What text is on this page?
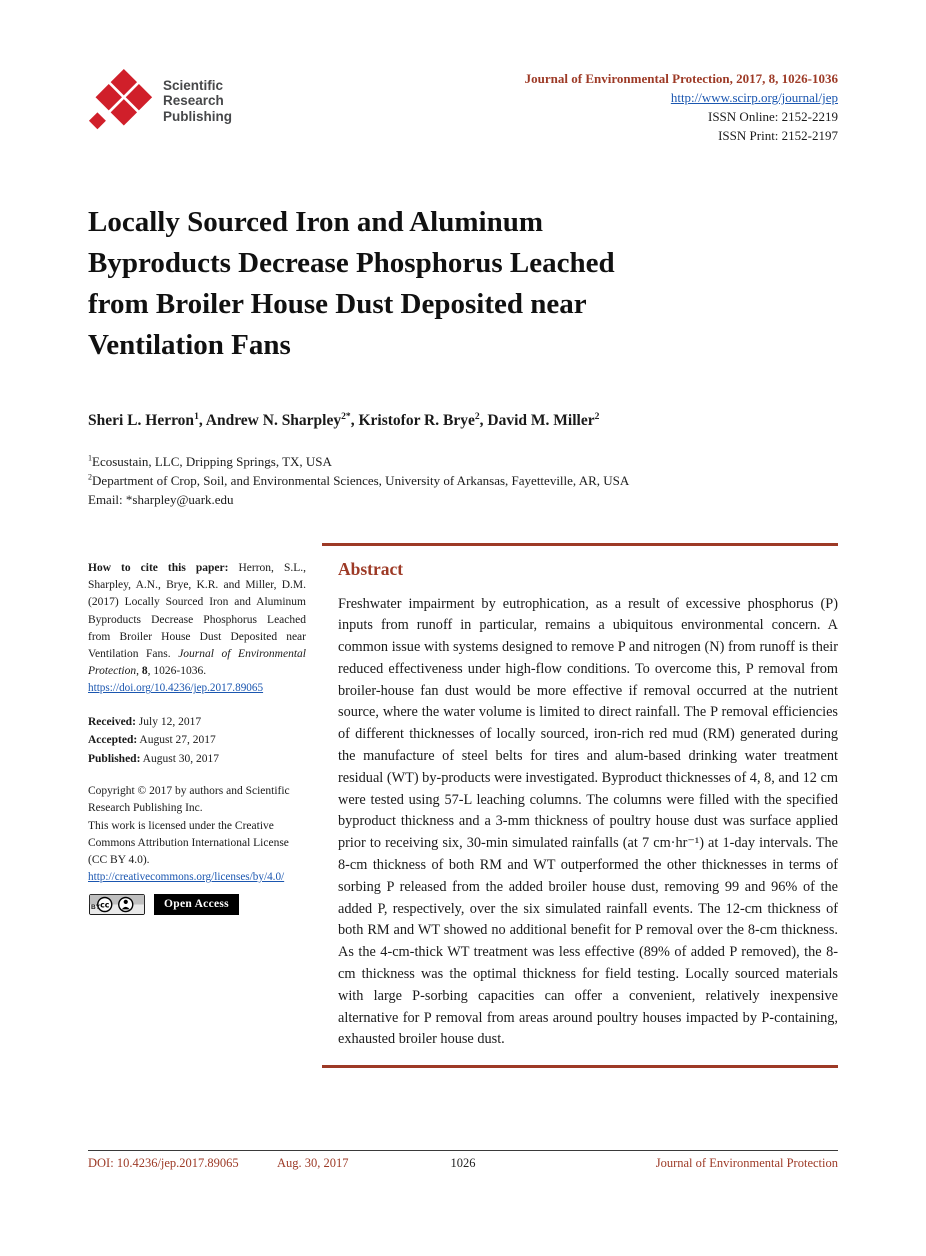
Scientific
Research
Publishing
Journal of Environmental Protection, 2017, 8, 1026-1036
http://www.scirp.org/journal/jep
ISSN Online: 2152-2219
ISSN Print: 2152-2197
Locally Sourced Iron and Aluminum
Byproducts Decrease Phosphorus Leached
from Broiler House Dust Deposited near
Ventilation Fans
Sheri L. Herron$^1$, Andrew N. Sharpley$^{2*}$, Kristofor R. Brye$^2$, David M. Miller$^2$
$^1$Ecosustain, LLC, Dripping Springs, TX, USA
$^2$Department of Crop, Soil, and Environmental Sciences, University of Arkansas, Fayetteville, AR, USA
Email: *sharpley@uark.edu

How to cite this paper: Herron, S.L., Sharpley, A.N., Brye, K.R. and Miller, D.M. (2017) Locally Sourced Iron and Aluminum Byproducts Decrease Phosphorus Leached from Broiler House Dust Deposited near Ventilation Fans. Journal of Environmental Protection, 8, 1026-1036.

https://doi.org/10.4236/jep.2017.89065
Received: July 12, 2017
Accepted: August 27, 2017
Published: August 30, 2017

Copyright © 2017 by authors and Scientific Research Publishing Inc.

This work is licensed under the Creative Commons Attribution International License (CC BY 4.0).

http://creativecommons.org/licenses/by/4.0/
cc
BY	Open Access
Abstract

Freshwater impairment by eutrophication, as a result of excessive phosphorus (P) inputs from runoff in particular, remains a ubiquitous environmental concern. A common issue with systems designed to remove P and nitrogen (N) from runoff is their reduced effectiveness under high-flow conditions. To overcome this, P removal from broiler-house fan dust would be more effective if removal occurred at the nutrient source, where the water volume is limited to direct rainfall. The P removal efficiencies of different thicknesses of locally sourced, iron-rich red mud (RM) generated during the manufacture of steel belts for tires and alum-based drinking water treatment residual (WT) by-products were investigated. Byproduct thicknesses of 4, 8, and 12 cm were tested using 57-L leaching columns. The columns were filled with the specified byproduct thickness and a 3-mm thickness of poultry house dust was surface applied prior to receiving six, 30-min simulated rainfalls (at 7 cm·hr⁻¹) at 1-day intervals. The 8-cm thickness of both RM and WT outperformed the other thicknesses in terms of sorbing P released from the added broiler house dust, removing 99 and 96% of the added P, respectively, over the six simulated rainfall events. The 12-cm thickness of both RM and WT showed no additional benefit for P removal over the 8-cm thickness. As the 4-cm-thick WT treatment was less effective (89% of added P removed), the 8-cm thickness was the optimal thickness for field testing. Locally sourced materials with large P-sorbing capacities can offer a convenient, relatively inexpensive alternative for P removal from areas around poultry houses impacted by P-containing, exhausted broiler house dust.

DOI: 10.4236/jep.2017.89065	Aug. 30, 2017	1026	Journal of Environmental Protection
